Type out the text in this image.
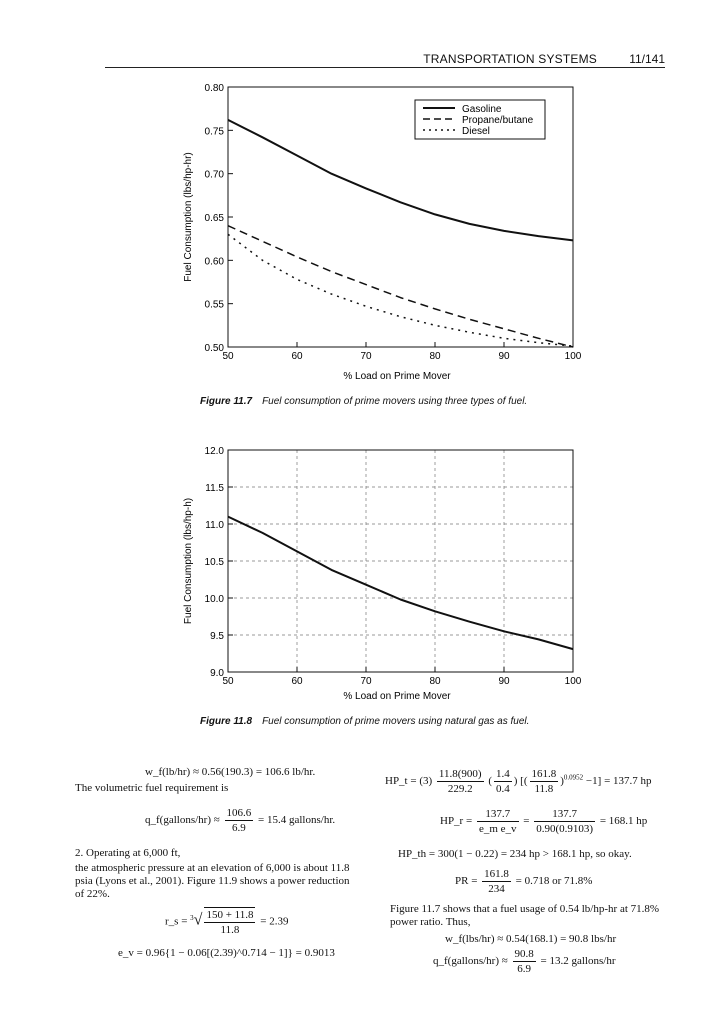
TRANSPORTATION SYSTEMS	11/141
50	60	70	80	90	100
0.50
0.55
0.60
0.65
0.70
0.75
0.80
Gasoline
Propane/butane
Diesel
% Load on Prime Mover
Fuel Consumption (lbs/hp-hr)
Figure 11.7 Fuel consumption of prime movers using three types of fuel.
50	60	70	80	90	100
9.0
9.5
10.0
10.5
11.0
11.5
12.0
% Load on Prime Mover
Fuel Consumption (lbs/hp-h)
Figure 11.8 Fuel consumption of prime movers using natural gas as fuel.
w_f(lb/hr) ≈ 0.56(190.3) = 106.6 lb/hr.
The volumetric fuel requirement is
q_f(gallons/hr) ≈ $\frac{106.6}{6.9} = 15.4$ gallons/hr.
2. Operating at 6,000 ft,
the atmospheric pressure at an elevation of 6,000 is about 11.8 psia (Lyons et al., 2001). Figure 11.9 shows a power reduction of 22%.
r_s = $^3√ \frac{150 + 11.8}{11.8} = 2.39$
e_v = 0.96{1 − 0.06[(2.39)^0.714 − 1]} = 0.9013
HP_t = $(3) \frac{11.8(900)}{229.2}$ ( $\frac{1.4}{0.4}$ ) [( $\frac{161.8}{11.8} )^{0.0952} -1] = 137.7$ hp
HP_r = $\frac{137.7}{\text{e\_m e\_v}} = \frac{137.7}{0.90(0.9103)} = 168.1$ hp
HP_th = 300(1 − 0.22) = 234 hp > 168.1 hp, so okay.
PR = $\frac{161.8}{234} = 0.718$ or 71.8%
Figure 11.7 shows that a fuel usage of 0.54 lb/hp-hr at 71.8% power ratio. Thus,
w_f(lbs/hr) ≈ 0.54(168.1) = 90.8 lbs/hr
q_f(gallons/hr) ≈ $\frac{90.8}{6.9} = 13.2$ gallons/hr
